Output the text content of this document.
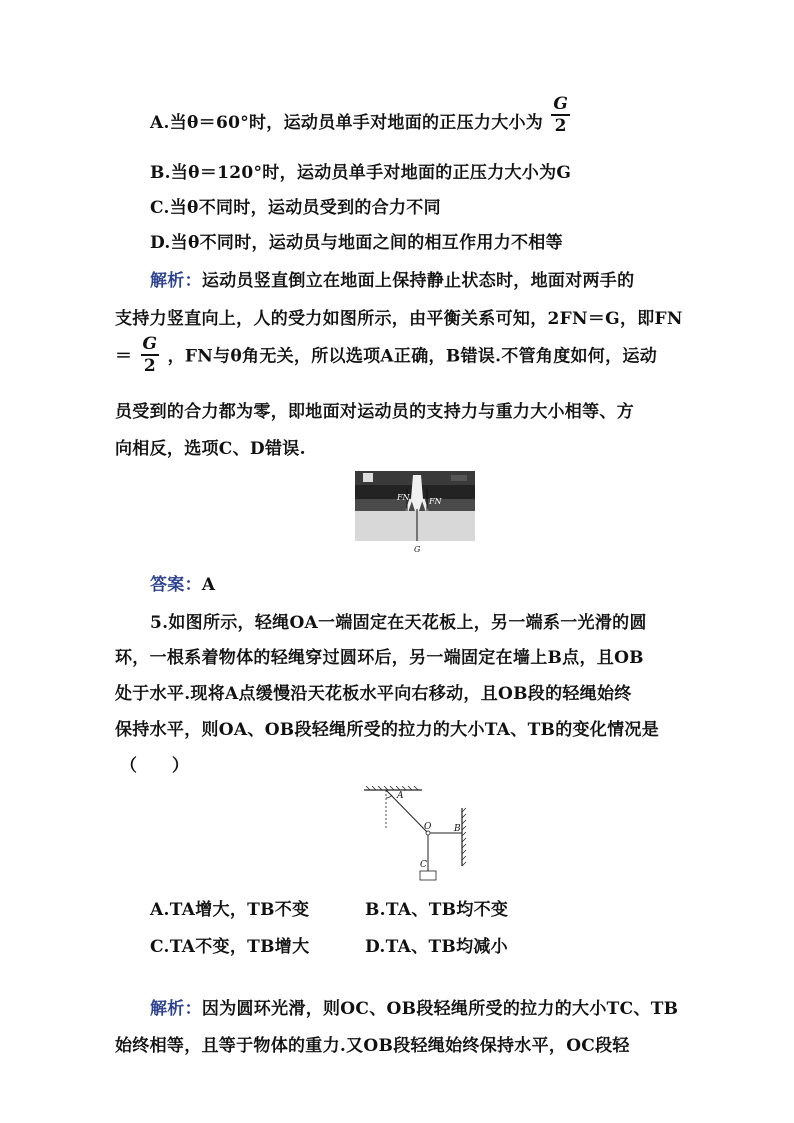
A.当θ＝60°时，运动员单手对地面的正压力大小为 $\frac{G}{2}$
B.当θ＝120°时，运动员单手对地面的正压力大小为G
C.当θ不同时，运动员受到的合力不同
D.当θ不同时，运动员与地面之间的相互作用力不相等
解析：运动员竖直倒立在地面上保持静止状态时，地面对两手的
支持力竖直向上，人的受力如图所示，由平衡关系可知，2FN＝G，即FN
＝ $\frac{G}{2}$ ，FN与θ角无关，所以选项A正确，B错误.不管角度如何，运动
员受到的合力都为零，即地面对运动员的支持力与重力大小相等、方
向相反，选项C、D错误.
FN FN
G
答案：A
5.如图所示，轻绳OA一端固定在天花板上，另一端系一光滑的圆
环，一根系着物体的轻绳穿过圆环后，另一端固定在墙上B点，且OB
处于水平.现将A点缓慢沿天花板水平向右移动，且OB段的轻绳始终
保持水平，则OA、OB段轻绳所受的拉力的大小TA、TB的变化情况是
（　　）
A
O	B
C
A.TA增大，TB不变	B.TA、TB均不变
C.TA不变，TB增大	D.TA、TB均减小
解析：因为圆环光滑，则OC、OB段轻绳所受的拉力的大小TC、TB
始终相等，且等于物体的重力.又OB段轻绳始终保持水平，OC段轻
